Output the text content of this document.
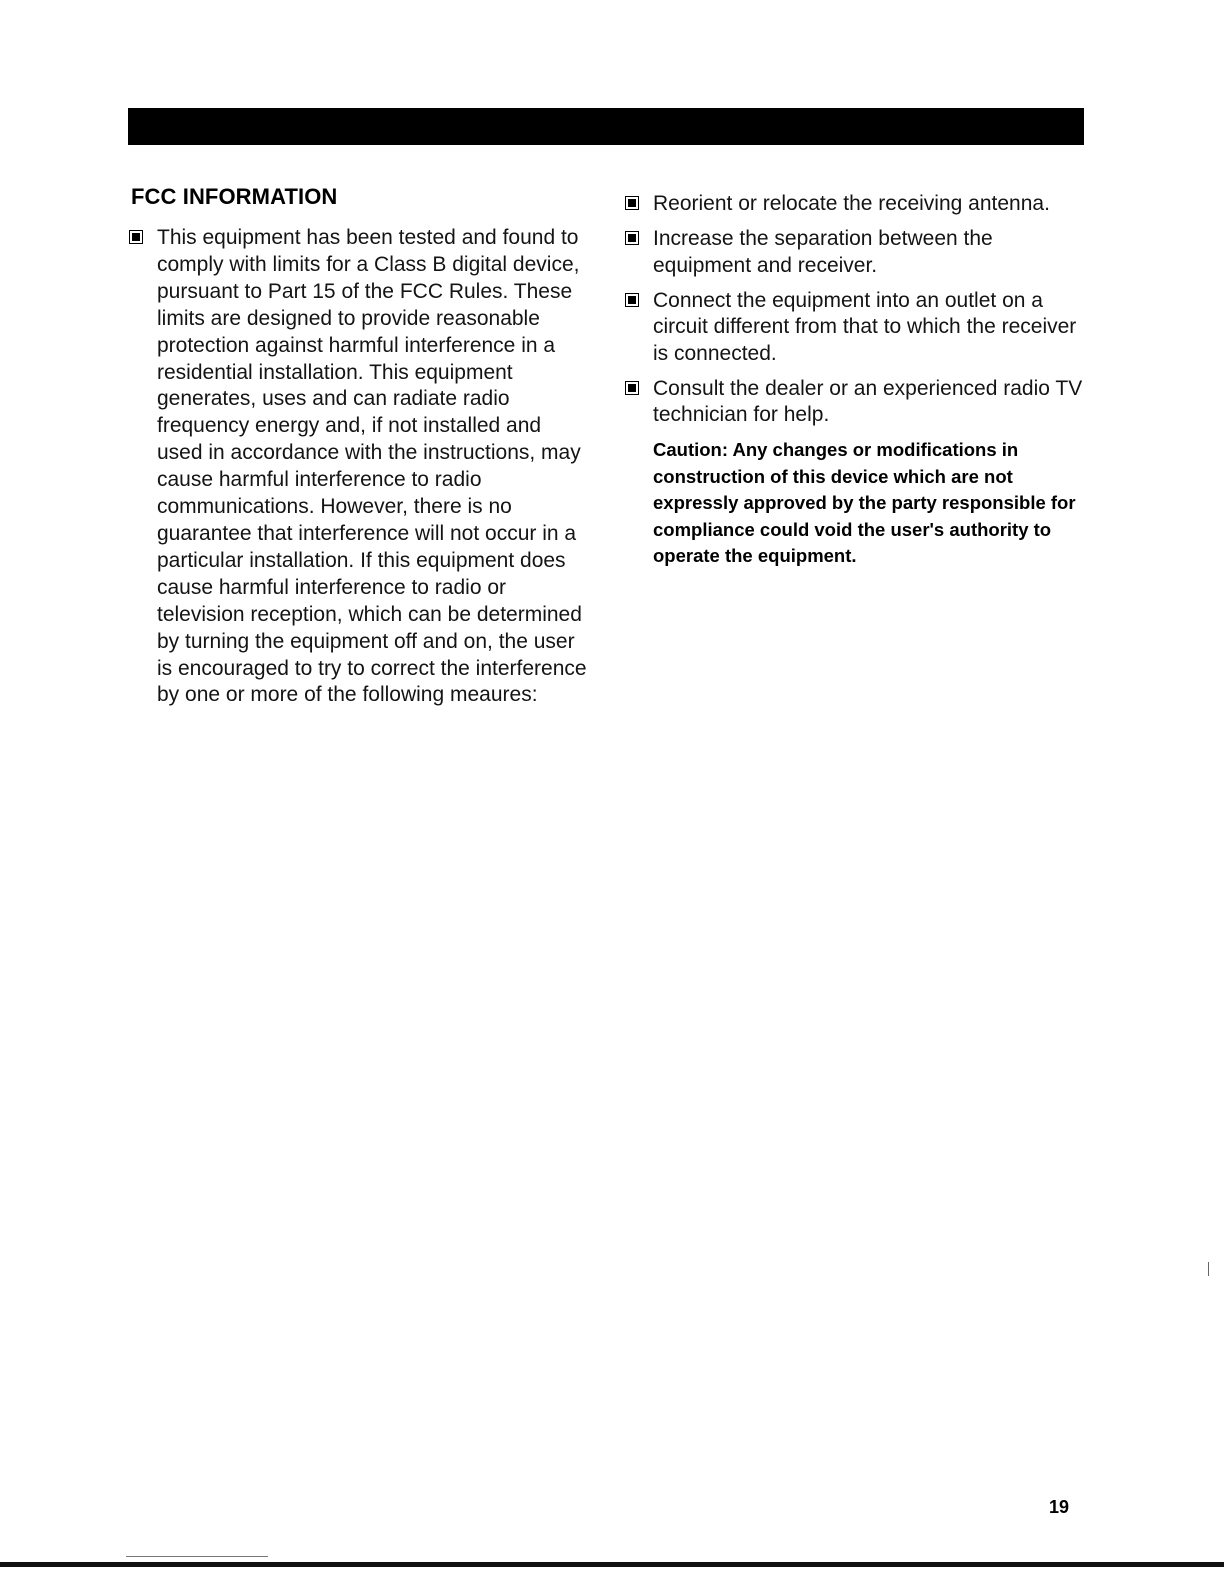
FCC INFORMATION
This equipment has been tested and found to comply with limits for a Class B digital device, pursuant to Part 15 of the FCC Rules. These limits are designed to provide reasonable protection against harmful interference in a residential installation. This equipment generates, uses and can radiate radio frequency energy and, if not installed and used in accordance with the instructions, may cause harmful interference to radio communications. However, there is no guarantee that interference will not occur in a particular installation. If this equipment does cause harmful interference to radio or television reception, which can be determined by turning the equipment off and on, the user is encouraged to try to correct the interference by one or more of the following meaures:
Reorient or relocate the receiving antenna.
Increase the separation between the equipment and receiver.
Connect the equipment into an outlet on a circuit different from that to which the receiver is connected.
Consult the dealer or an experienced radio TV technician for help.

Caution: Any changes or modifications in construction of this device which are not expressly approved by the party responsible for compliance could void the user's authority to operate the equipment.

19
